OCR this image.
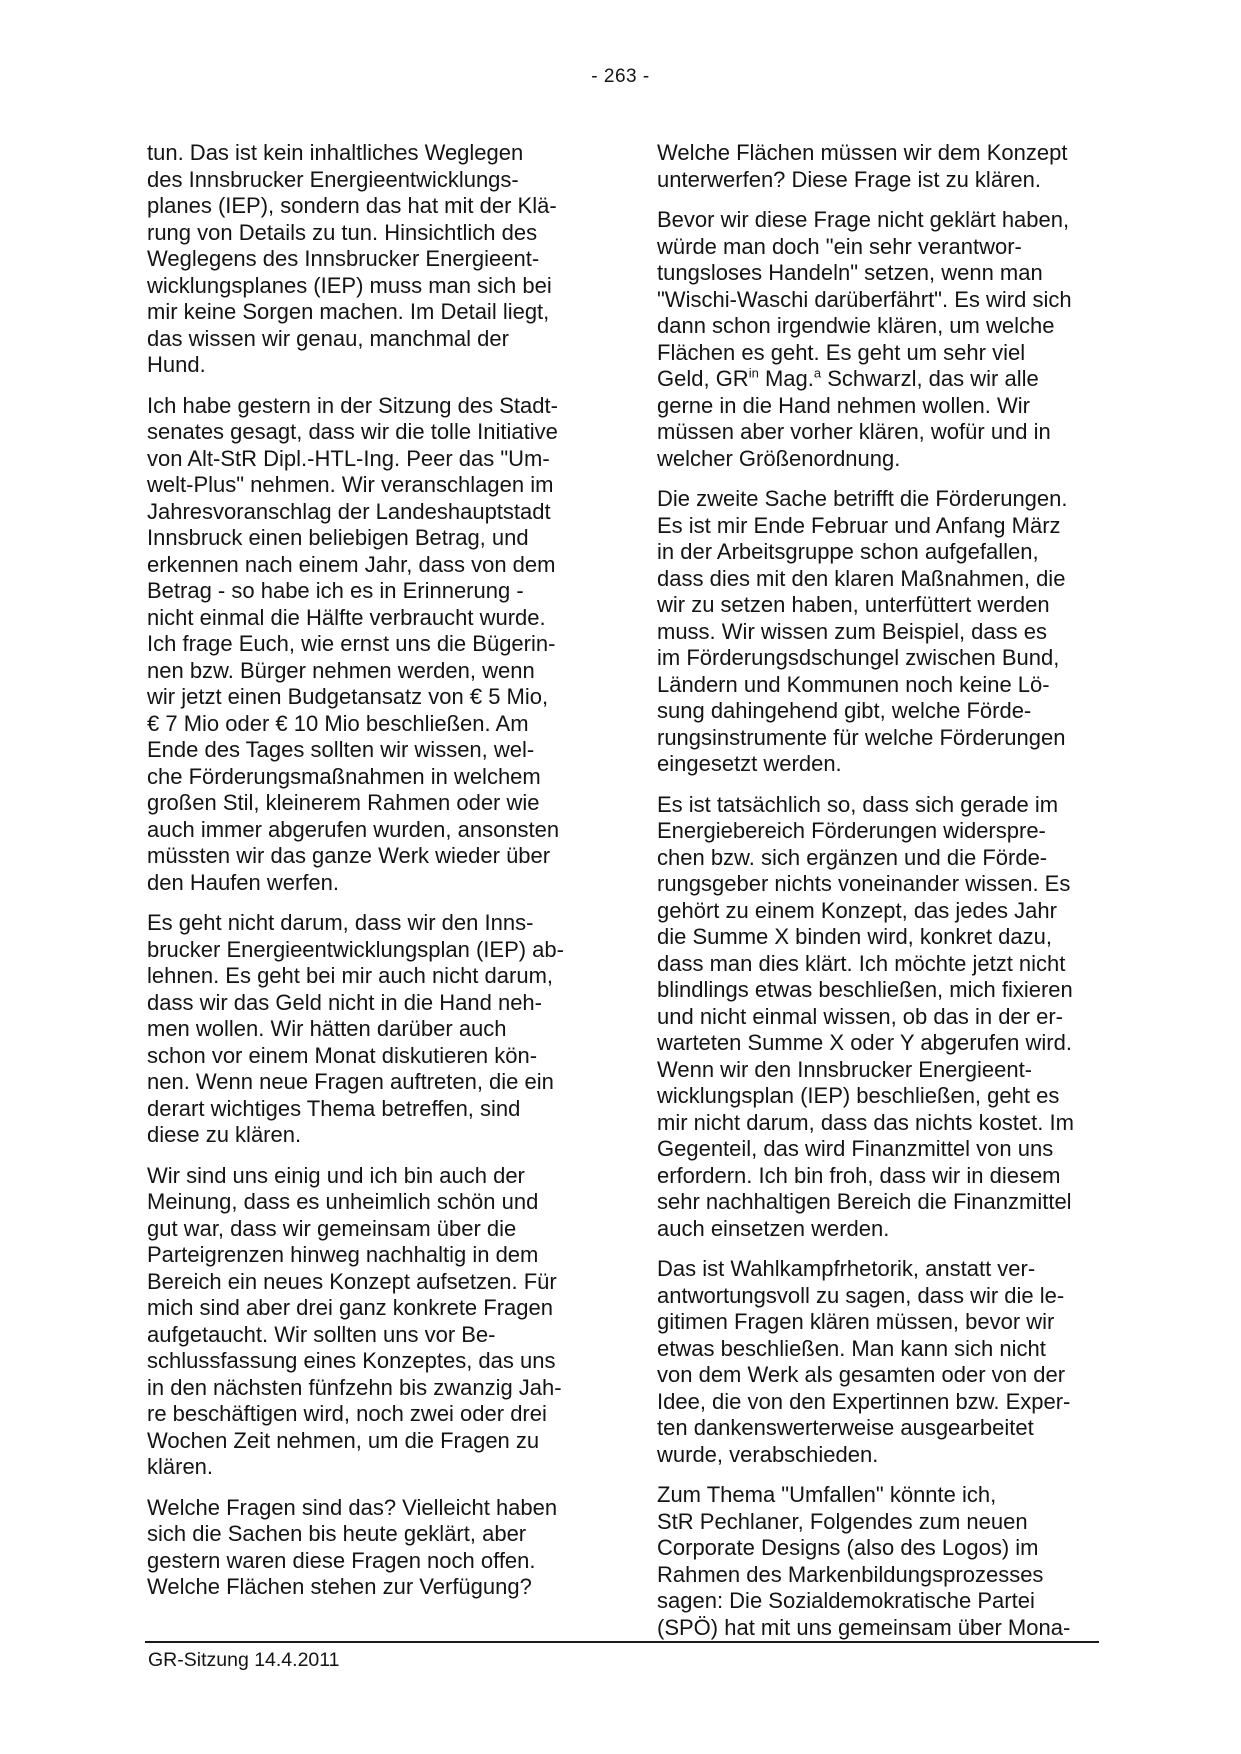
- 263 -

tun. Das ist kein inhaltliches Weglegen
des Innsbrucker Energieentwicklungs-
planes (IEP), sondern das hat mit der Klä-
rung von Details zu tun. Hinsichtlich des
Weglegens des Innsbrucker Energieent-
wicklungsplanes (IEP) muss man sich bei
mir keine Sorgen machen. Im Detail liegt,
das wissen wir genau, manchmal der
Hund.

Ich habe gestern in der Sitzung des Stadt-
senates gesagt, dass wir die tolle Initiative
von Alt-StR Dipl.-HTL-Ing. Peer das "Um-
welt-Plus" nehmen. Wir veranschlagen im
Jahresvoranschlag der Landeshauptstadt
Innsbruck einen beliebigen Betrag, und
erkennen nach einem Jahr, dass von dem
Betrag - so habe ich es in Erinnerung -
nicht einmal die Hälfte verbraucht wurde.
Ich frage Euch, wie ernst uns die Bügerin-
nen bzw. Bürger nehmen werden, wenn
wir jetzt einen Budgetansatz von € 5 Mio,
€ 7 Mio oder € 10 Mio beschließen. Am
Ende des Tages sollten wir wissen, wel-
che Förderungsmaßnahmen in welchem
großen Stil, kleinerem Rahmen oder wie
auch immer abgerufen wurden, ansonsten
müssten wir das ganze Werk wieder über
den Haufen werfen.

Es geht nicht darum, dass wir den Inns-
brucker Energieentwicklungsplan (IEP) ab-
lehnen. Es geht bei mir auch nicht darum,
dass wir das Geld nicht in die Hand neh-
men wollen. Wir hätten darüber auch
schon vor einem Monat diskutieren kön-
nen. Wenn neue Fragen auftreten, die ein
derart wichtiges Thema betreffen, sind
diese zu klären.

Wir sind uns einig und ich bin auch der
Meinung, dass es unheimlich schön und
gut war, dass wir gemeinsam über die
Parteigrenzen hinweg nachhaltig in dem
Bereich ein neues Konzept aufsetzen. Für
mich sind aber drei ganz konkrete Fragen
aufgetaucht. Wir sollten uns vor Be-
schlussfassung eines Konzeptes, das uns
in den nächsten fünfzehn bis zwanzig Jah-
re beschäftigen wird, noch zwei oder drei
Wochen Zeit nehmen, um die Fragen zu
klären.

Welche Fragen sind das? Vielleicht haben
sich die Sachen bis heute geklärt, aber
gestern waren diese Fragen noch offen.
Welche Flächen stehen zur Verfügung?

Welche Flächen müssen wir dem Konzept
unterwerfen? Diese Frage ist zu klären.

Bevor wir diese Frage nicht geklärt haben,
würde man doch "ein sehr verantwor-
tungsloses Handeln" setzen, wenn man
"Wischi-Waschi darüberfährt". Es wird sich
dann schon irgendwie klären, um welche
Flächen es geht. Es geht um sehr viel
Geld, $GR^{in}$ Mag.$^a$ Schwarzl, das wir alle
gerne in die Hand nehmen wollen. Wir
müssen aber vorher klären, wofür und in
welcher Größenordnung.

Die zweite Sache betrifft die Förderungen.
Es ist mir Ende Februar und Anfang März
in der Arbeitsgruppe schon aufgefallen,
dass dies mit den klaren Maßnahmen, die
wir zu setzen haben, unterfüttert werden
muss. Wir wissen zum Beispiel, dass es
im Förderungsdschungel zwischen Bund,
Ländern und Kommunen noch keine Lö-
sung dahingehend gibt, welche Förde-
rungsinstrumente für welche Förderungen
eingesetzt werden.

Es ist tatsächlich so, dass sich gerade im
Energiebereich Förderungen widerspre-
chen bzw. sich ergänzen und die Förde-
rungsgeber nichts voneinander wissen. Es
gehört zu einem Konzept, das jedes Jahr
die Summe X binden wird, konkret dazu,
dass man dies klärt. Ich möchte jetzt nicht
blindlings etwas beschließen, mich fixieren
und nicht einmal wissen, ob das in der er-
warteten Summe X oder Y abgerufen wird.
Wenn wir den Innsbrucker Energieent-
wicklungsplan (IEP) beschließen, geht es
mir nicht darum, dass das nichts kostet. Im
Gegenteil, das wird Finanzmittel von uns
erfordern. Ich bin froh, dass wir in diesem
sehr nachhaltigen Bereich die Finanzmittel
auch einsetzen werden.

Das ist Wahlkampfrhetorik, anstatt ver-
antwortungsvoll zu sagen, dass wir die le-
gitimen Fragen klären müssen, bevor wir
etwas beschließen. Man kann sich nicht
von dem Werk als gesamten oder von der
Idee, die von den Expertinnen bzw. Exper-
ten dankenswerterweise ausgearbeitet
wurde, verabschieden.

Zum Thema "Umfallen" könnte ich,
StR Pechlaner, Folgendes zum neuen
Corporate Designs (also des Logos) im
Rahmen des Markenbildungsprozesses
sagen: Die Sozialdemokratische Partei
(SPÖ) hat mit uns gemeinsam über Mona-

GR-Sitzung 14.4.2011
